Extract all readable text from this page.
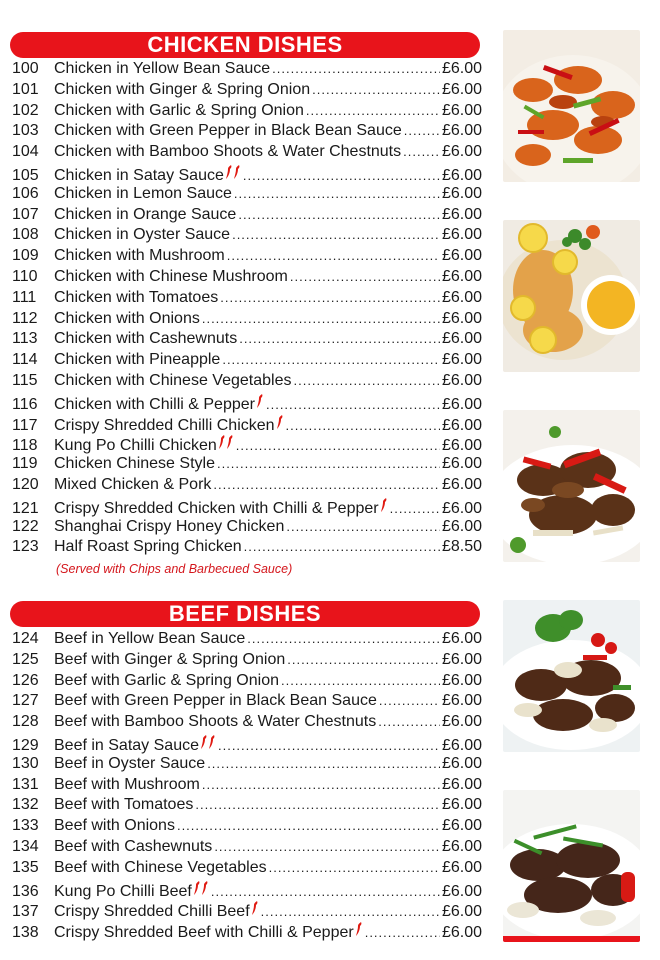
CHICKEN DISHES
100 Chicken in Yellow Bean Sauce .....	£6.00
101 Chicken with Ginger & Spring Onion .....	£6.00
102 Chicken with Garlic & Spring Onion .....	£6.00
103 Chicken with Green Pepper in Black Bean Sauce .....	£6.00
104 Chicken with Bamboo Shoots & Water Chestnuts .....	£6.00
105 Chicken in Satay Sauce .....	£6.00
106 Chicken in Lemon Sauce .....	£6.00
107 Chicken in Orange Sauce .....	£6.00
108 Chicken in Oyster Sauce .....	£6.00
109 Chicken with Mushroom .....	£6.00
110	Chicken with Chinese Mushroom .....	£6.00
111	Chicken with Tomatoes .....	£6.00
112	Chicken with Onions .....	£6.00
113	Chicken with Cashewnuts .....	£6.00
114	Chicken with Pineapple .....	£6.00
115	Chicken with Chinese Vegetables .....	£6.00
116	Chicken with Chilli & Pepper .....	£6.00
117	Crispy Shredded Chilli Chicken .....	£6.00
118	Kung Po Chilli Chicken .....	£6.00
119	Chicken Chinese Style .....	£6.00
120 Mixed Chicken & Pork .....	£6.00
121 Crispy Shredded Chicken with Chilli & Pepper .....	£6.00
122 Shanghai Crispy Honey Chicken .....	£6.00
123 Half Roast Spring Chicken .....	£8.50
(Served with Chips and Barbecued Sauce)
BEEF DISHES
124 Beef in Yellow Bean Sauce .....	£6.00
125 Beef with Ginger & Spring Onion .....	£6.00
126 Beef with Garlic & Spring Onion .....	£6.00
127 Beef with Green Pepper in Black Bean Sauce .....	£6.00
128 Beef with Bamboo Shoots & Water Chestnuts .....	£6.00
129 Beef in Satay Sauce .....	£6.00
130 Beef in Oyster Sauce .....	£6.00
131 Beef with Mushroom .....	£6.00
132 Beef with Tomatoes .....	£6.00
133 Beef with Onions .....	£6.00
134 Beef with Cashewnuts .....	£6.00
135 Beef with Chinese Vegetables .....	£6.00
136 Kung Po Chilli Beef .....	£6.00
137 Crispy Shredded Chilli Beef .....	£6.00
138 Crispy Shredded Beef with Chilli & Pepper .....	£6.00
